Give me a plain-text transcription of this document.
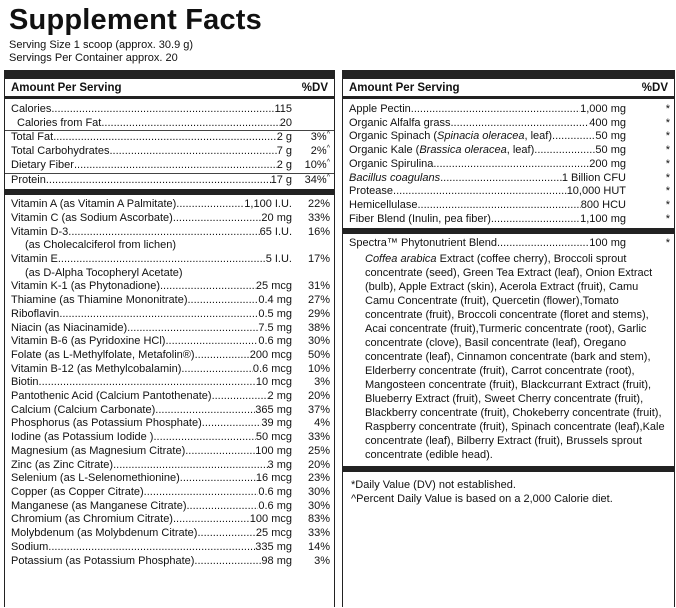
Supplement Facts
Serving Size 1 scoop (approx. 30.9 g)
Servings Per Container approx. 20
Amount Per Serving	%DV
Calories .....	115
Calories from Fat .....	20
Total Fat .....	2 g	3%^
Total Carbohydrates .....	7 g	2%^
Dietary Fiber .....	2 g	10%^
Protein .....	17 g	34%^
Vitamin A (as Vitamin A Palmitate) .....	1,100 I.U.	22%
Vitamin C (as Sodium Ascorbate) .....	20 mg	33%
Vitamin D-3 .....	65 I.U.	16%
(as Cholecalciferol from lichen)
Vitamin E .....	5 I.U.	17%
(as D-Alpha Tocopheryl Acetate)
Vitamin K-1 (as Phytonadione) .....	25 mcg	31%
Thiamine (as Thiamine Mononitrate) .....	0.4 mg	27%
Riboflavin .....	0.5 mg	29%
Niacin (as Niacinamide) .....	7.5 mg	38%
Vitamin B-6 (as Pyridoxine HCl) .....	0.6 mg	30%
Folate (as L-Methylfolate, Metafolin®) .....	200 mcg	50%
Vitamin B-12 (as Methylcobalamin) .....	0.6 mcg	10%
Biotin .....	10 mcg	3%
Pantothenic Acid (Calcium Pantothenate) .....	2 mg	20%
Calcium (Calcium Carbonate) .....	365 mg	37%
Phosphorus (as Potassium Phosphate) .....	39 mg	4%
Iodine (as Potassium Iodide ) .....	50 mcg	33%
Magnesium (as Magnesium Citrate) .....	100 mg	25%
Zinc (as Zinc Citrate) .....	3 mg	20%
Selenium (as L-Selenomethionine) .....	16 mcg	23%
Copper (as Copper Citrate) .....	0.6 mg	30%
Manganese (as Manganese Citrate) .....	0.6 mg	30%
Chromium (as Chromium Citrate) .....	100 mcg	83%
Molybdenum (as Molybdenum Citrate) .....	25 mcg	33%
Sodium .....	335 mg	14%
Potassium (as Potassium Phosphate) .....	98 mg	3%
Amount Per Serving	%DV
Apple Pectin .....	1,000 mg	*
Organic Alfalfa grass .....	400 mg	*
Organic Spinach (Spinacia oleracea, leaf) .....	50 mg	*
Organic Kale (Brassica oleracea, leaf) .....	50 mg	*
Organic Spirulina .....	200 mg	*
Bacillus coagulans .....	1 Billion CFU	*
Protease .....	10,000 HUT	*
Hemicellulase .....	800 HCU	*
Fiber Blend (Inulin, pea fiber) .....	1,100 mg	*
Spectra™ Phytonutrient Blend .....	100 mg	*
Coffea arabica Extract (coffee cherry), Broccoli sprout concentrate (seed), Green Tea Extract (leaf), Onion Extract (bulb), Apple Extract (skin), Acerola Extract (fruit), Camu Camu Concentrate (fruit), Quercetin (flower),Tomato concentrate (fruit), Broccoli concentrate (floret and stems), Acai concentrate (fruit),Turmeric concentrate (root), Garlic concentrate (clove), Basil concentrate (leaf), Oregano concentrate (leaf), Cinnamon concentrate (bark and stem), Elderberry concentrate (fruit), Carrot concentrate (root), Mangosteen concentrate (fruit), Blackcurrant Extract (fruit), Blueberry Extract (fruit), Sweet Cherry concentrate (fruit), Blackberry concentrate (fruit), Chokeberry concentrate (fruit), Raspberry concentrate (fruit), Spinach concentrate (leaf),Kale concentrate (leaf), Bilberry Extract (fruit), Brussels sprout concentrate (edible head).
*Daily Value (DV) not established.
^Percent Daily Value is based on a 2,000 Calorie diet.
